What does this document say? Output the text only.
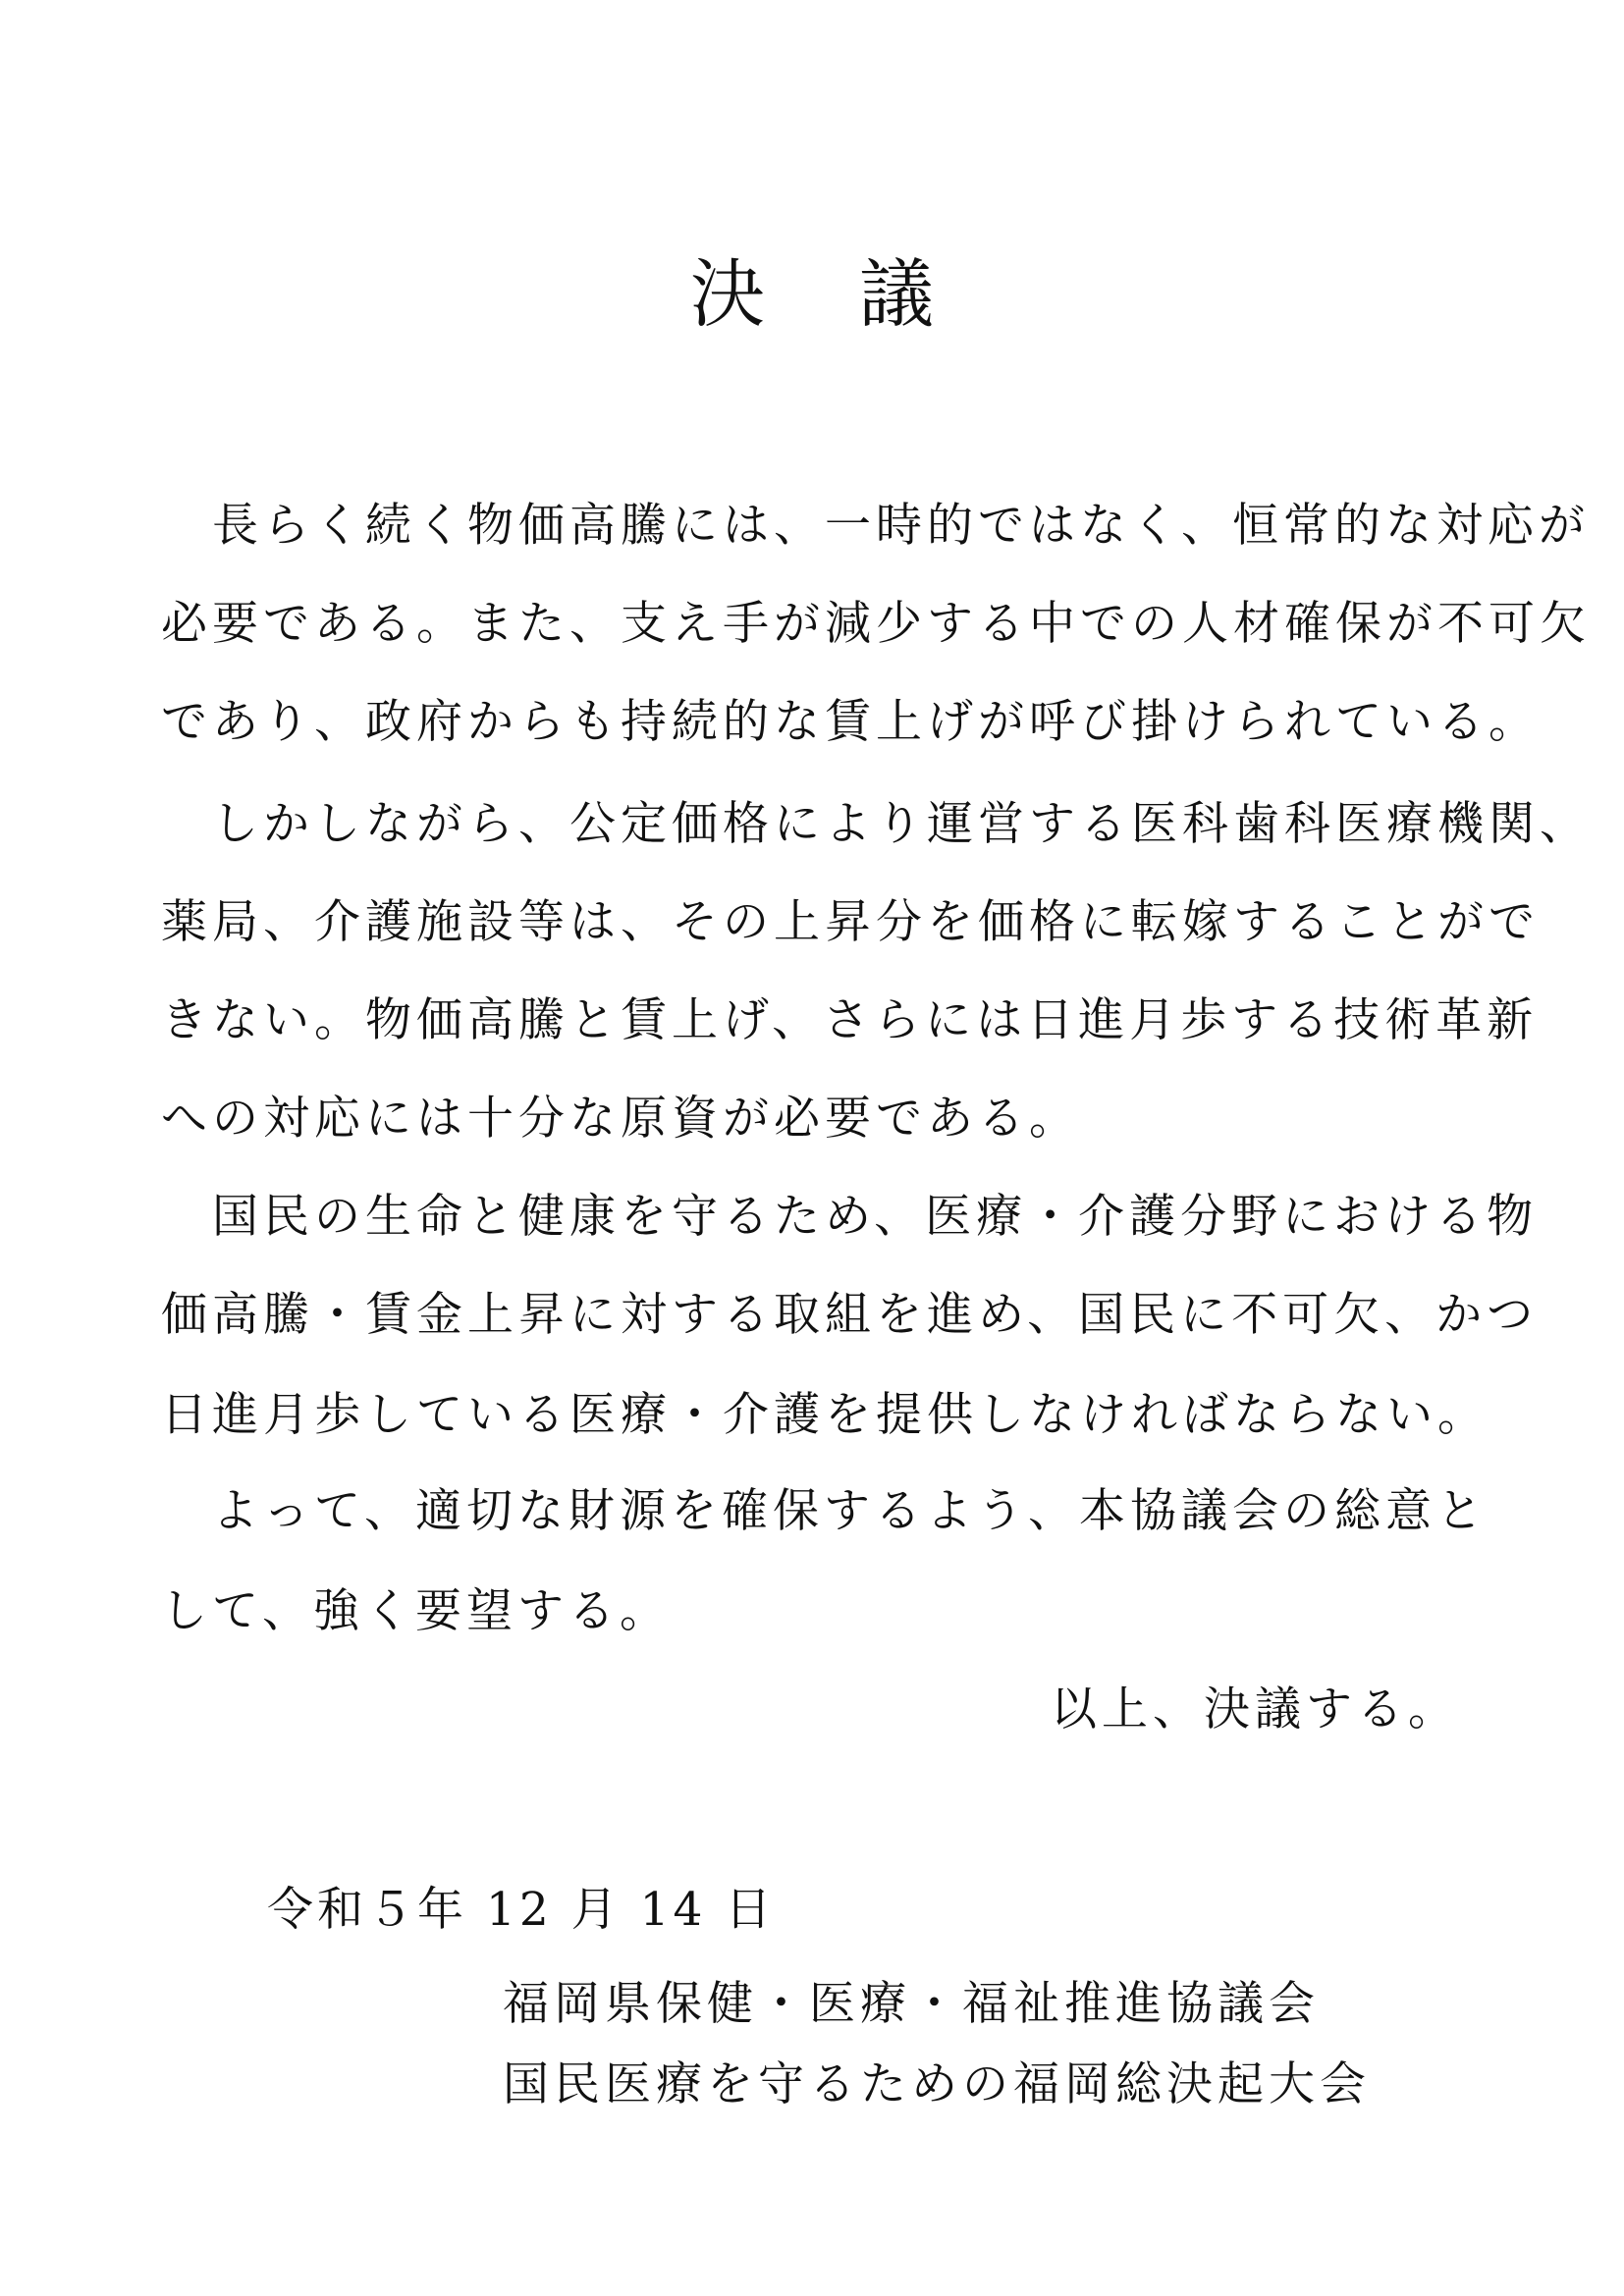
決 議
　長らく続く物価高騰には、一時的ではなく、恒常的な対応が
必要である。また、支え手が減少する中での人材確保が不可欠
であり、政府からも持続的な賃上げが呼び掛けられている。
　しかしながら、公定価格により運営する医科歯科医療機関、
薬局、介護施設等は、その上昇分を価格に転嫁することがで
きない。物価高騰と賃上げ、さらには日進月歩する技術革新
への対応には十分な原資が必要である。
　国民の生命と健康を守るため、医療・介護分野における物
価高騰・賃金上昇に対する取組を進め、国民に不可欠、かつ
日進月歩している医療・介護を提供しなければならない。
　よって、適切な財源を確保するよう、本協議会の総意と
して、強く要望する。
以上、決議する。
令和５年 12 月 14 日
福岡県保健・医療・福祉推進協議会
国民医療を守るための福岡総決起大会
